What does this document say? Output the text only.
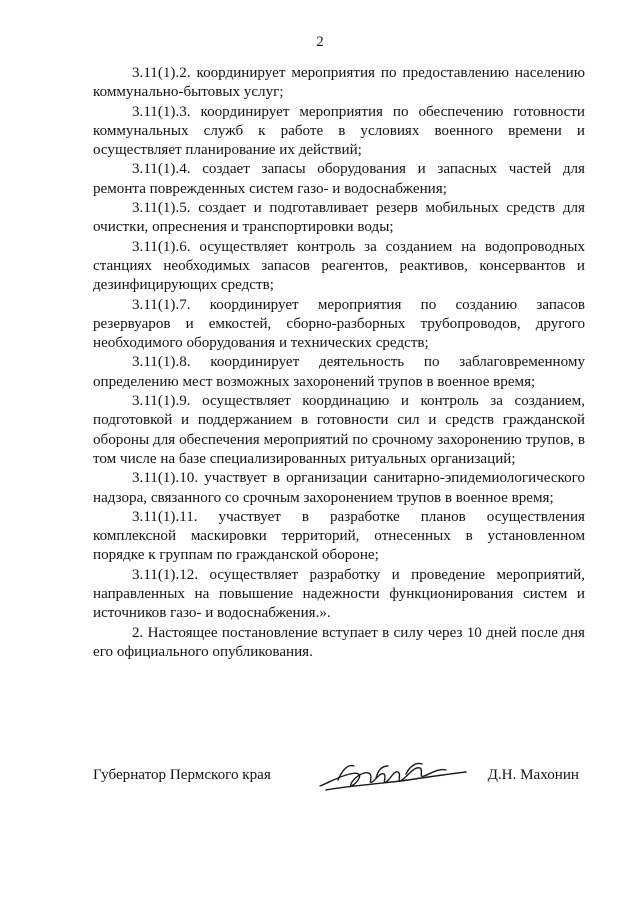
2

3.11(1).2. координирует мероприятия по предоставлению населению коммунально-бытовых услуг;

3.11(1).3. координирует мероприятия по обеспечению готовности коммунальных служб к работе в условиях военного времени и осуществляет планирование их действий;

3.11(1).4. создает запасы оборудования и запасных частей для ремонта поврежденных систем газо- и водоснабжения;

3.11(1).5. создает и подготавливает резерв мобильных средств для очистки, опреснения и транспортировки воды;

3.11(1).6. осуществляет контроль за созданием на водопроводных станциях необходимых запасов реагентов, реактивов, консервантов и дезинфицирующих средств;

3.11(1).7. координирует мероприятия по созданию запасов резервуаров и емкостей, сборно-разборных трубопроводов, другого необходимого оборудования и технических средств;

3.11(1).8. координирует деятельность по заблаговременному определению мест возможных захоронений трупов в военное время;

3.11(1).9. осуществляет координацию и контроль за созданием, подготовкой и поддержанием в готовности сил и средств гражданской обороны для обеспечения мероприятий по срочному захоронению трупов, в том числе на базе специализированных ритуальных организаций;

3.11(1).10. участвует в организации санитарно-эпидемиологического надзора, связанного со срочным захоронением трупов в военное время;

3.11(1).11. участвует в разработке планов осуществления комплексной маскировки территорий, отнесенных в установленном порядке к группам по гражданской обороне;

3.11(1).12. осуществляет разработку и проведение мероприятий, направленных на повышение надежности функционирования систем и источников газо- и водоснабжения.».

2. Настоящее постановление вступает в силу через 10 дней после дня его официального опубликования.

Губернатор Пермского края	Д.Н. Махонин
